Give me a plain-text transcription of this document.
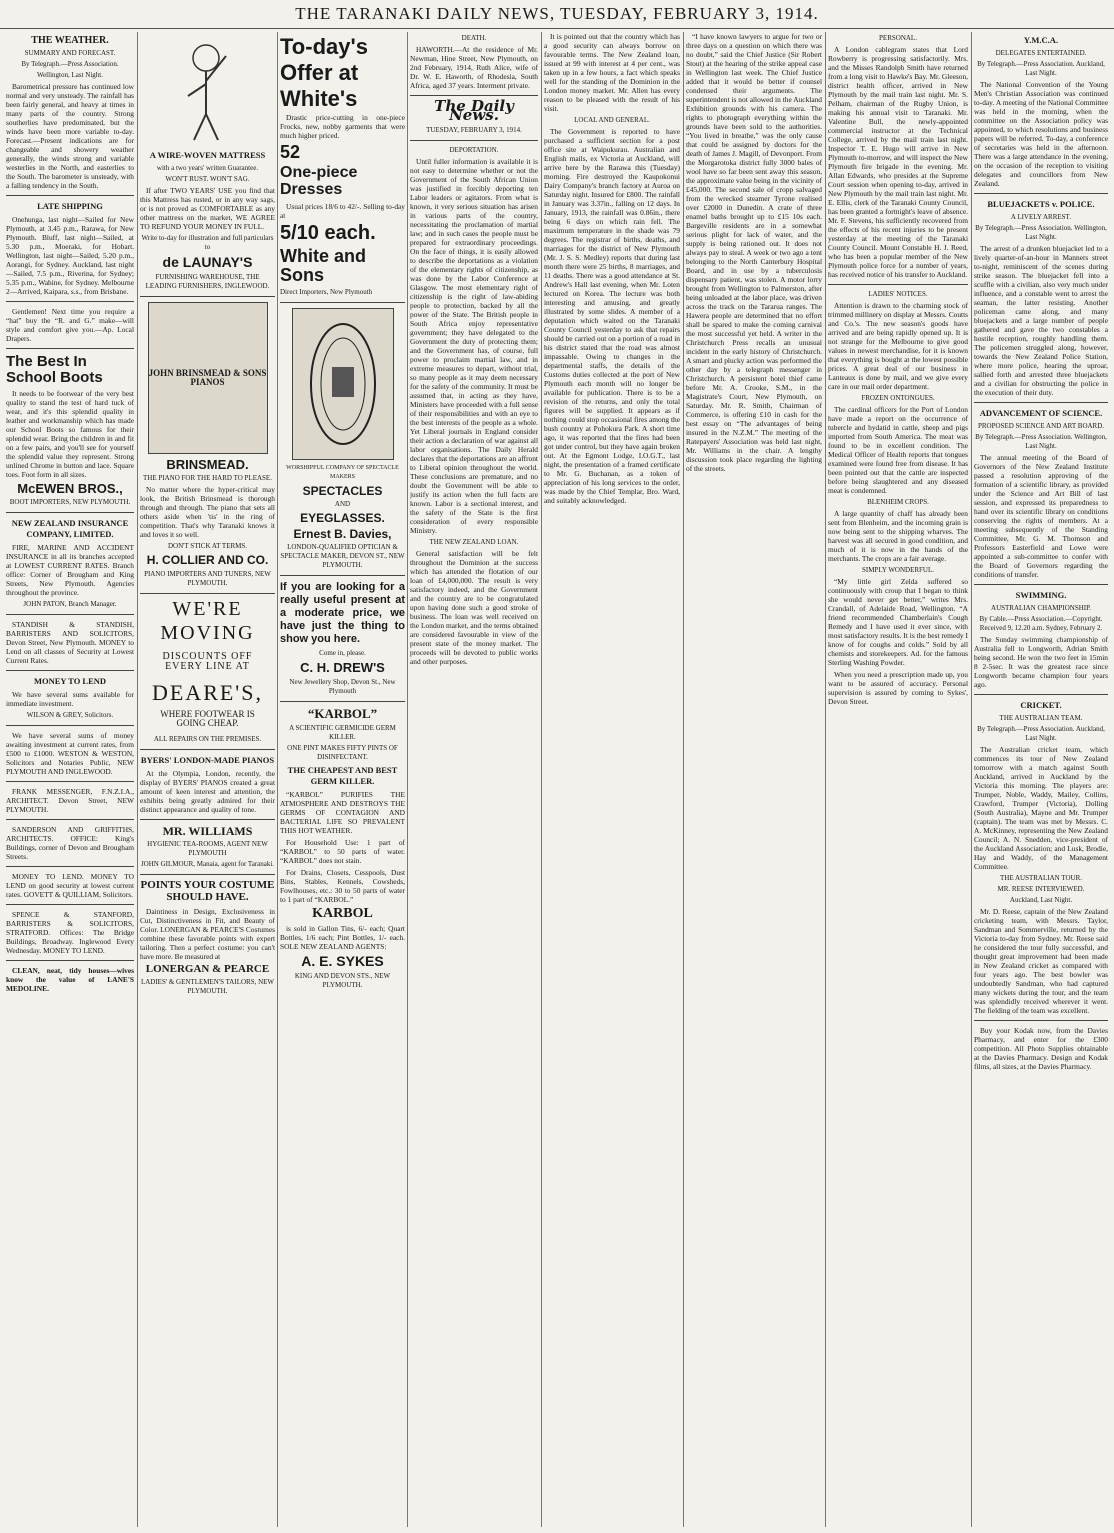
THE TARANAKI DAILY NEWS, TUESDAY, FEBRUARY 3, 1914.
THE WEATHER.
SUMMARY AND FORECAST.
By Telegraph.—Press Association.
Wellington, Last Night.

Barometrical pressure has continued low normal and very unsteady. The rainfall has been fairly general, and heavy at times in many parts of the country. Strong southerlies have predominated, but the winds have been more variable to-day. Forecast.—Present indications are for changeable and showery weather generally, the winds strong and variable westerlies in the North, and easterlies to the South. The barometer is unsteady, with a falling tendency in the South.

LATE SHIPPING

Onehunga, last night—Sailed for New Plymouth, at 3.45 p.m., Rarawa, for New Plymouth. Bluff, last night—Sailed, at 5.30 p.m., Moeraki, for Hobart. Wellington, last night—Sailed, 5.20 p.m., Aorangi, for Sydney. Auckland, last night—Sailed, 7.5 p.m., Riverina, for Sydney; 5.35 p.m., Wahine, for Sydney. Melbourne 2—Arrived, Kaipara, s.s., from Brisbane.

Gentlemen! Next time you require a “hat” buy the “R. and G.” make—will style and comfort give you.—Ap. Local Drapers.

The Best In School Boots

It needs to be footwear of the very best quality to stand the test of hard tuck of wear, and it's this splendid quality in leather and workmanship which has made our School Boots so famous for their splendid wear. Bring the children in and fit on a few pairs, and you'll see for yourself the splendid value they represent. Strong unlined Chrome in button and lace. Square toes. Foot form in all sizes.

McEWEN BROS.,
BOOT IMPORTERS, NEW PLYMOUTH.
NEW ZEALAND INSURANCE COMPANY, LIMITED.

FIRE, MARINE AND ACCIDENT INSURANCE in all its branches accepted at LOWEST CURRENT RATES. Branch office: Corner of Brougham and King Streets, New Plymouth. Agencies throughout the province.

JOHN PATON, Branch Manager.

STANDISH & STANDISH, BARRISTERS AND SOLICITORS, Devon Street, New Plymouth. MONEY to Lend on all classes of Security at Lowest Current Rates.

MONEY TO LEND

We have several sums available for immediate investment.

WILSON & GREY, Solicitors.

We have several sums of money awaiting investment at current rates, from £500 to £1000. WESTON & WESTON, Solicitors and Notaries Public, NEW PLYMOUTH AND INGLEWOOD.

FRANK MESSENGER, F.N.Z.I.A., ARCHITECT. Devon Street, NEW PLYMOUTH.

SANDERSON AND GRIFFITHS, ARCHITECTS. OFFICE: King's Buildings, corner of Devon and Brougham Streets.

MONEY TO LEND. MONEY TO LEND on good security at lowest current rates. GOVETT & QUILLIAM, Solicitors.

SPENCE & STANFORD, BARRISTERS & SOLICITORS, STRATFORD. Offices: The Bridge Buildings, Broadway. Inglewood Every Wednesday. MONEY TO LEND.

CLEAN, neat, tidy houses—wives know the value of LANE'S MEDOLINE.

A WIRE-WOVEN MATTRESS
with a two years' written Guarantee.
WON'T RUST. WON'T SAG.

If after TWO YEARS' USE you find that this Mattress has rusted, or in any way sags, or is not proved as COMFORTABLE as any other mattress on the market, WE AGREE TO REFUND YOUR MONEY IN FULL.

Write to-day for illustration and full particulars to
de LAUNAY'S
FURNISHING WAREHOUSE, THE LEADING FURNISHERS, INGLEWOOD.
JOHN BRINSMEAD & SONS PIANOS
BRINSMEAD.
THE PIANO FOR THE HARD TO PLEASE.

No matter where the hyper-critical may look, the British Brinsmead is thorough through and through. The piano that sets all others aside when 'tis' in the ring of competition. That's why Taranaki knows it and loves it so well.

DON'T STICK AT TERMS.
H. COLLIER AND CO.
PIANO IMPORTERS AND TUNERS, NEW PLYMOUTH.
WE'RE
MOVING
DISCOUNTS OFF EVERY LINE AT
DEARE'S,
WHERE FOOTWEAR IS GOING CHEAP.
ALL REPAIRS ON THE PREMISES.
BYERS' LONDON-MADE PIANOS

At the Olympia, London, recently, the display of BYERS' PIANOS created a great amount of keen interest and attention, the exhibits being greatly admired for their distinct appearance and quality of tone.

MR. WILLIAMS
HYGIENIC TEA-ROOMS, AGENT NEW PLYMOUTH
JOHN GILMOUR, Manaia, agent for Taranaki.
POINTS YOUR COSTUME SHOULD HAVE.

Daintiness in Design, Exclusiveness in Cut, Distinctiveness in Fit, and Beauty of Color. LONERGAN & PEARCE'S Costumes combine these favorable points with expert tailoring. Then a perfect costume: you can't have more. Be measured at

LONERGAN & PEARCE
LADIES' & GENTLEMEN'S TAILORS, NEW PLYMOUTH.
To-day's
Offer at
White's

Drastic price-cutting in one-piece Frocks, new, nobby garments that were much higher priced.

52
One-piece Dresses

Usual prices 18/6 to 42/-. Selling to-day at

5/10 each.
White and Sons
Direct Importers, New Plymouth
WORSHIPFUL COMPANY OF SPECTACLE MAKERS
SPECTACLES
AND
EYEGLASSES.
Ernest B. Davies,
LONDON-QUALIFIED OPTICIAN & SPECTACLE MAKER, DEVON ST., NEW PLYMOUTH.

If you are looking for a really useful present at a moderate price, we have just the thing to show you here.

Come in, please.
C. H. DREW'S
New Jewellery Shop, Devon St., New Plymouth
“KARBOL”
A SCIENTIFIC GERMICIDE GERM KILLER.
ONE PINT MAKES FIFTY PINTS OF DISINFECTANT.
THE CHEAPEST AND BEST GERM KILLER.

“KARBOL” PURIFIES THE ATMOSPHERE AND DESTROYS THE GERMS OF CONTAGION AND BACTERIAL LIFE SO PREVALENT THIS HOT WEATHER.

For Household Use: 1 part of “KARBOL” to 50 parts of water. “KARBOL” does not stain.

For Drains, Closets, Cesspools, Dust Bins, Stables, Kennels, Cowsheds, Fowlhouses, etc.: 30 to 50 parts of water to 1 part of “KARBOL.”

KARBOL

is sold in Gallon Tins, 6/- each; Quart Bottles, 1/6 each; Pint Bottles, 1/- each. SOLE NEW ZEALAND AGENTS:

A. E. SYKES
KING AND DEVON STS., NEW PLYMOUTH.
DEATH.

HAWORTH.—At the residence of Mr. Newman, Hine Street, New Plymouth, on 2nd February, 1914, Ruth Alice, wife of Dr. W. E. Haworth, of Rhodesia, South Africa, aged 37 years. Interment private.

The Daily News.
TUESDAY, FEBRUARY 3, 1914.
DEPORTATION.

Until fuller information is available it is not easy to determine whether or not the Government of the South African Union was justified in forcibly deporting ten Labor leaders or agitators. From what is known, it very serious situation has arisen in various parts of the country, necessitating the proclamation of martial law; and in such cases the people must be prepared for extraordinary proceedings. On the face of things, it is easily allowed to describe the deportations as a violation of the elementary rights of citizenship, as was done by the Labor Conference at Glasgow. The most elementary right of citizenship is the right of law-abiding people to protection, backed by all the power of the State. The British people in South Africa enjoy representative government; they have delegated to the Government the duty of protecting them; and the Government has, of course, full power to proclaim martial law, and in extreme measures to depart, without trial, so many people as it may deem necessary for the safety of the community. It must be assumed that, in acting as they have, Ministers have proceeded with a full sense of their responsibilities and with an eye to the best interests of the people as a whole. Yet Liberal journals in England consider their action a declaration of war against all labor organisations. The Daily Herald declares that the deportations are an affront to Liberal opinion throughout the world. These conclusions are premature, and no doubt the Government will be able to justify its action when the full facts are known. Labor is a sectional interest, and the safety of the State is the first consideration of every responsible Ministry.

THE NEW ZEALAND LOAN.

General satisfaction will be felt throughout the Dominion at the success which has attended the flotation of our loan of £4,000,000. The result is very satisfactory indeed, and the Government and the country are to be congratulated upon having done such a good stroke of business. The loan was well received on the London market, and the terms obtained are considered favourable in view of the present state of the money market. The proceeds will be devoted to public works and other purposes.

It is pointed out that the country which has a good security can always borrow on favourable terms. The New Zealand loan, issued at 99 with interest at 4 per cent., was taken up in a few hours, a fact which speaks well for the standing of the Dominion in the London money market. Mr. Allen has every reason to be pleased with the result of his visit.

LOCAL AND GENERAL.

The Government is reported to have purchased a sufficient section for a post office site at Waipukurau. Australian and English mails, ex Victoria at Auckland, will arrive here by the Rarawa this (Tuesday) morning. Fire destroyed the Kaupokonui Dairy Company's branch factory at Auroa on Saturday night. Insured for £800. The rainfall in January was 3.37in., falling on 12 days. In January, 1913, the rainfall was 0.86in., there being 6 days on which rain fell. The maximum temperature in the shade was 79 degrees. The registrar of births, deaths, and marriages for the district of New Plymouth (Mr. J. S. S. Medley) reports that during last month there were 25 births, 8 marriages, and 11 deaths. There was a good attendance at St. Andrew's Hall last evening, when Mr. Loten lectured on Korea. The lecture was both interesting and amusing, and greatly illustrated by some slides. A member of a deputation which waited on the Taranaki County Council yesterday to ask that repairs should be carried out on a portion of a road in his district stated that the road was almost impassable. Owing to changes in the departmental staffs, the details of the Customs duties collected at the port of New Plymouth each month will no longer be available for publication. There is to be a revision of the returns, and only the total figures will be supplied. It appears as if nothing could stop occasional fires among the bush country at Pohokura Park. A short time ago, it was reported that the fires had been got under control, but they have again broken out. At the Egmont Lodge, I.O.G.T., last night, the presentation of a framed certificate to Mr. G. Buchanan, as a token of appreciation of his long services to the order, was made by the Chief Templar, Bro. Ward, and suitably acknowledged.

“I have known lawyers to argue for two or three days on a question on which there was no doubt,” said the Chief Justice (Sir Robert Stout) at the hearing of the strike appeal case in Wellington last week. The Chief Justice added that it would be better if counsel condensed their arguments. The superintendent is not allowed in the Auckland Exhibition grounds with his camera. The rights to photograph everything within the grounds have been sold to the authorities. “You lived in breathe,” was the only cause that could be assigned by doctors for the death of James J. Magill, of Devonport. From the Morgarotoka district fully 3000 bales of wool have so far been sent away this season, the approximate value being in the vicinity of £45,000. The second sale of cropp salvaged from the wrecked steamer Tyrone realised over £2000 in Dunedin. A crate of three enamel baths brought up to £15 10s each. Bargeville residents are in a somewhat serious plight for lack of water, and the supply is being rationed out. It does not always pay to steal. A week or two ago a tent belonging to the North Canterbury Hospital Board, and in use by a tuberculosis dispensary patient, was stolen. A motor lorry brought from Wellington to Palmerston, after being unloaded at the labor place, was driven across the track on the Tararua ranges. The Hawera people are determined that no effort shall be spared to make the coming carnival the most successful yet held. A writer in the Christchurch Press recalls an unusual incident in the early history of Christchurch. A smart and plucky action was performed the other day by a telegraph messenger in Christchurch. A persistent hotel thief came before Mr. A. Crooke, S.M., in the Magistrate's Court, New Plymouth, on Saturday. Mr. R. Smith, Chairman of Commerce, is offering £10 in cash for the best essay on “The advantages of being insured in the N.Z.M.” The meeting of the Ratepayers' Association was held last night, Mr. Williams in the chair. A lengthy discussion took place regarding the lighting of the streets.

PERSONAL.

A London cablegram states that Lord Rowberry is progressing satisfactorily. Mrs. and the Misses Randolph Smith have returned from a long visit to Hawke's Bay. Mr. Gleeson, district health officer, arrived in New Plymouth by the mail train last night. Mr. S. Pelham, chairman of the Rugby Union, is making his annual visit to Taranaki. Mr. Valentine Bull, the newly-appointed commercial instructor at the Technical College, arrived by the mail train last night. Inspector T. E. Hugo will arrive in New Plymouth to-morrow, and will inspect the New Plymouth fire brigade in the evening. Mr. Allan Edwards, who presides at the Supreme Court session when opening to-day, arrived in New Plymouth by the mail train last night. Mr. E. Ellis, clerk of the Taranaki County Council, has been granted a fortnight's leave of absence. Mr. F. Stevens, his sufficiently recovered from the effects of his recent injuries to be present yesterday at the meeting of the Taranaki County Council. Mount Constable H. J. Reed, who has been a popular member of the New Plymouth police force for a number of years, has received notice of his transfer to Auckland.

LADIES' NOTICES.

Attention is drawn to the charming stock of trimmed millinery on display at Messrs. Coutts and Co.'s. The new season's goods have arrived and are being rapidly opened up. It is not strange for the Melbourne to give good values in newest merchandise, for it is known that everything is bought at the lowest possible prices. A great deal of our business in Lanteaux is done by mail, and we give every care in our mail order department.

FROZEN ONTONGUES.

The cardinal officers for the Port of London have made a report on the occurrence of tubercle and hydatid in cattle, sheep and pigs imported from South America. The meat was found to be in excellent condition. The Medical Officer of Health reports that tongues examined were found free from disease. It has been pointed out that the cattle are inspected before being slaughtered and any diseased meat is condemned.

BLENHEIM CROPS.

A large quantity of chaff has already been sent from Blenheim, and the incoming grain is now being sent to the shipping wharves. The harvest was all secured in good condition, and much of it is now in the hands of the merchants. The crops are a fair average.

SIMPLY WONDERFUL.

“My little girl Zelda suffered so continuously with croup that I began to think she would never get better,” writes Mrs. Crandall, of Adelaide Road, Wellington. “A friend recommended Chamberlain's Cough Remedy and I have used it ever since, with most satisfactory results. It is the best remedy I know of for coughs and colds.” Sold by all chemists and storekeepers. Ad. for the famous Sterling Washing Powder.

When you need a prescription made up, you want to be assured of accuracy. Personal supervision is assured by coming to Sykes', Devon Street.

Y.M.C.A.
DELEGATES ENTERTAINED.
By Telegraph.—Press Association. Auckland, Last Night.

The National Convention of the Young Men's Christian Association was continued to-day. A meeting of the National Committee was held in the morning, when the committee on the Association policy was appointed, to which resolutions and business papers will be referred. To-day, a conference of secretaries was held in the afternoon. There was a large attendance in the evening, on the occasion of the reception to visiting delegates and councillors from New Zealand.

BLUEJACKETS v. POLICE.
A LIVELY ARREST.
By Telegraph.—Press Association. Wellington, Last Night.

The arrest of a drunken bluejacket led to a lively quarter-of-an-hour in Manners street to-night, reminiscent of the scenes during strike season. The bluejacket fell into a scuffle with a civilian, also very much under influence, and a constable went to arrest the seaman, the latter resisting. Another policeman came along, and many bluejackets and a large number of people gathered and gave the two constables a hostile reception, roughly handling them. The policemen struggled along, however, towards the New Zealand Police Station, where more police, hearing the uproar, sallied forth and arrested three bluejackets and a civilian for obstructing the police in the execution of their duty.

ADVANCEMENT OF SCIENCE.
PROPOSED SCIENCE AND ART BOARD.
By Telegraph.—Press Association. Wellington, Last Night.

The annual meeting of the Board of Governors of the New Zealand Institute passed a resolution approving of the formation of a scientific library, as provided under the Science and Art Bill of last session, and expressed its preparedness to hand over its scientific library on conditions conserving the rights of members. At a meeting subsequently of the Standing Committee, Mr. G. M. Thomson and Professors Easterfield and Lowe were appointed a sub-committee to confer with the Board of Governors regarding the conditions of transfer.

SWIMMING.
AUSTRALIAN CHAMPIONSHIP.
By Cable.—Press Association.—Copyright. Received 9, 12.20 a.m. Sydney, February 2.

The Sunday swimming championship of Australia fell to Longworth, Adrian Smith being second. He won the two feet in 15min 8 2-5sec. It was the greatest race since Longworth became champion four years ago.

CRICKET.
THE AUSTRALIAN TEAM.
By Telegraph.—Press Association. Auckland, Last Night.

The Australian cricket team, which commences its tour of New Zealand tomorrow with a match against South Auckland, arrived in Auckland by the Victoria this morning. The players are: Trumper, Noble, Waddy, Mailey, Collins, Crawford, Trumper (Victoria), Dolling (South Australia), Mayne and Mr. Trumper (captain). The team was met by Messrs. C. A. McKinney, representing the New Zealand Council; A. N. Snedden, vice-president of the Auckland Association; and Lusk, Brodie, Hay and Waddy, of the Management Committee.

THE AUSTRALIAN TOUR.
MR. REESE INTERVIEWED.
Auckland, Last Night.

Mr. D. Reese, captain of the New Zealand cricketing team, with Messrs. Taylor, Sandman and Sommerville, returned by the Victoria to-day from Sydney. Mr. Reese said he considered the tour fully successful, and thought great improvement had been made in New Zealand cricket as compared with four years ago. The best bowler was undoubtedly Sandman, who had captured many wickets during the tour, and the team was splendidly received wherever it went. The fielding of the team was excellent.

Buy your Kodak now, from the Davies Pharmacy, and enter for the £300 competition. All Photo Supplies obtainable at the Davies Pharmacy. Design and Kodak films, all sizes, at the Davies Pharmacy.
